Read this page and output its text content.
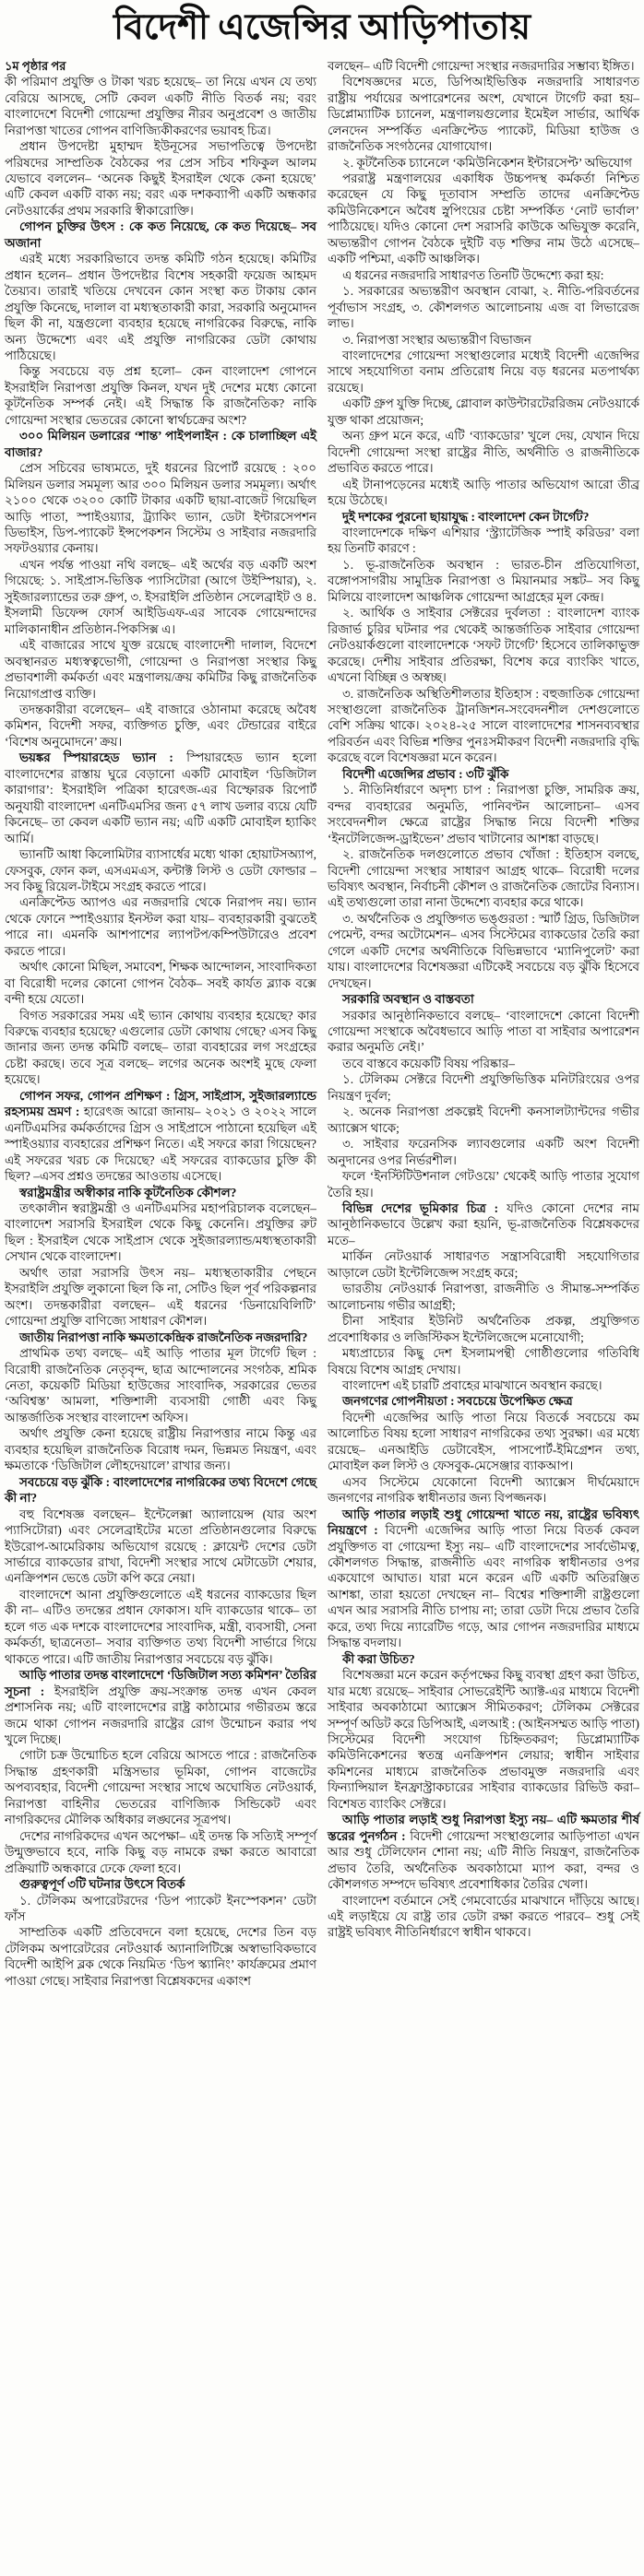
বিদেশী এজেন্সির আড়িপাতায়

১ম পৃষ্ঠার পর

কী পরিমাণ প্রযুক্তি ও টাকা খরচ হয়েছে– তা নিয়ে এখন যে তথ্য বেরিয়ে আসছে, সেটি কেবল একটি নীতি বিতর্ক নয়; বরং বাংলাদেশে বিদেশী গোয়েন্দা প্রযুক্তির নীরব অনুপ্রবেশ ও জাতীয় নিরাপত্তা খাতের গোপন বাণিজ্যিকীকরণের ভয়াবহ চিত্র।

প্রধান উপদেষ্টা মুহাম্মদ ইউনূসের সভাপতিত্বে উপদেষ্টা পরিষদের সাম্প্রতিক বৈঠকের পর প্রেস সচিব শফিকুল আলম যেভাবে বললেন– ‘অনেক কিছুই ইসরাইল থেকে কেনা হয়েছে’ এটি কেবল একটি বাক্য নয়; বরং এক দশকব্যাপী একটি অন্ধকার নেটওয়ার্কের প্রথম সরকারি স্বীকারোক্তি।

গোপন চুক্তির উৎস : কে কত নিয়েছে, কে কত দিয়েছে– সব অজানা

এরই মধ্যে সরকারিভাবে তদন্ত কমিটি গঠন হয়েছে। কমিটির প্রধান হলেন– প্রধান উপদেষ্টার বিশেষ সহকারী ফয়েজ আহমদ তৈয়্যব। তারাই খতিয়ে দেখবেন কোন সংস্থা কত টাকায় কোন প্রযুক্তি কিনেছে, দালাল বা মধ্যস্থতাকারী কারা, সরকারি অনুমোদন ছিল কী না, যন্ত্রগুলো ব্যবহার হয়েছে নাগরিকের বিরুদ্ধে, নাকি অন্য উদ্দেশ্যে এবং এই প্রযুক্তি নাগরিকের ডেটা কোথায় পাঠিয়েছে।

কিন্তু সবচেয়ে বড় প্রশ্ন হলো– কেন বাংলাদেশ গোপনে ইসরাইলি নিরাপত্তা প্রযুক্তি কিনল, যখন দুই দেশের মধ্যে কোনো কূটনৈতিক সম্পর্ক নেই। এই সিদ্ধান্ত কি রাজনৈতিক? নাকি গোয়েন্দা সংস্থার ভেতরের কোনো স্বার্থচক্রের অংশ?

৩০০ মিলিয়ন ডলারের ‘শান্ত’ পাইপলাইন : কে চালাচ্ছিল এই বাজার?

প্রেস সচিবের ভাষ্যমতে, দুই ধরনের রিপোর্ট রয়েছে : ২০০ মিলিয়ন ডলার সমমূল্য আর ৩০০ মিলিয়ন ডলার সমমূল্য। অর্থাৎ ২১০০ থেকে ৩২০০ কোটি টাকার একটি ছায়া-বাজেট গিয়েছিল আড়ি পাতা, স্পাইওয়্যার, ট্র্যাকিং ভ্যান, ডেটা ইন্টারসেপশন ডিভাইস, ডিপ-প্যাকেট ইন্সপেকশন সিস্টেম ও সাইবার নজরদারি সফটওয়্যার কেনায়।

এখন পর্যন্ত পাওয়া নথি বলছে– এই অর্থের বড় একটি অংশ গিয়েছে: ১. সাইপ্রাস-ভিত্তিক প্যাসিটোরা (আগে উইস্পিয়ার), ২. সুইজারল্যান্ডের তরু গ্রুপ, ৩. ইসরাইলি প্রতিষ্ঠান সেলেব্রাইট ও ৪. ইসলামী ডিফেন্স ফোর্স আইডিএফ-এর সাবেক গোয়েন্দাদের মালিকানাধীন প্রতিষ্ঠান-পিকসিক্স এ।

এই বাজারের সাথে যুক্ত রয়েছে বাংলাদেশী দালাল, বিদেশে অবস্থানরত মধ্যস্বত্বভোগী, গোয়েন্দা ও নিরাপত্তা সংস্থার কিছু প্রভাবশালী কর্মকর্তা এবং মন্ত্রণালয়/ক্রয় কমিটির কিছু রাজনৈতিক নিয়োগপ্রাপ্ত ব্যক্তি।

তদন্তকারীরা বলেছেন– এই বাজারে ওঠানামা করেছে অবৈধ কমিশন, বিদেশী সফর, ব্যক্তিগত চুক্তি, এবং টেন্ডারের বাইরে ‘বিশেষ অনুমোদনে’ ক্রয়।

ভয়ঙ্কর স্পিয়ারহেড ভ্যান : স্পিয়ারহেড ভ্যান হলো বাংলাদেশের রাস্তায় ঘুরে বেড়ানো একটি মোবাইল ‘ডিজিটাল কারাগার’: ইসরাইলি পত্রিকা হারেৎজ-এর বিস্ফোরক রিপোর্ট অনুযায়ী বাংলাদেশ এনটিএমসির জন্য ৫৭ লাখ ডলার ব্যয়ে যেটি কিনেছে– তা কেবল একটি ভ্যান নয়; এটি একটি মোবাইল হ্যাকিং আর্মি।

ভ্যানটি আধা কিলোমিটার ব্যাসার্ধের মধ্যে থাকা হোয়াটসঅ্যাপ, ফেসবুক, ফোন কল, এসএমএস, কন্টাক্ট লিস্ট ও ডেটা ফোল্ডার – সব কিছু রিয়েল-টাইমে সংগ্রহ করতে পারে।

এনক্রিপ্টেড অ্যাপও এর নজরদারি থেকে নিরাপদ নয়। ভ্যান থেকে ফোনে স্পাইওয়্যার ইনস্টল করা যায়– ব্যবহারকারী বুঝতেই পারে না। এমনকি আশপাশের ল্যাপটপ/কম্পিউটারেও প্রবেশ করতে পারে।

অর্থাৎ কোনো মিছিল, সমাবেশ, শিক্ষক আন্দোলন, সাংবাদিকতা বা বিরোধী দলের কোনো গোপন বৈঠক– সবই কার্যত ব্ল্যাক বক্সে বন্দী হয়ে যেতো।

বিগত সরকারের সময় এই ভ্যান কোথায় ব্যবহার হয়েছে? কার বিরুদ্ধে ব্যবহার হয়েছে? এগুলোর ডেটা কোথায় গেছে? এসব কিছু জানার জন্য তদন্ত কমিটি বলছে– তারা ব্যবহারের লগ সংগ্রহের চেষ্টা করছে। তবে সূত্র বলছে– লগের অনেক অংশই মুছে ফেলা হয়েছে।

গোপন সফর, গোপন প্রশিক্ষণ : গ্রিস, সাইপ্রাস, সুইজারল্যান্ডে রহস্যময় ভ্রমণ : হারেৎজ আরো জানায়– ২০২১ ও ২০২২ সালে এনটিএমসির কর্মকর্তাদের গ্রিস ও সাইপ্রাসে পাঠানো হয়েছিল এই স্পাইওয়্যার ব্যবহারের প্রশিক্ষণ নিতে। এই সফরে কারা গিয়েছেন? এই সফরের খরচ কে দিয়েছে? এই সফরের ব্যাকডোর চুক্তি কী ছিল? –এসব প্রশ্নও তদন্তের আওতায় এসেছে।

স্বরাষ্ট্রমন্ত্রীর অস্বীকার নাকি কূটনৈতিক কৌশল?

তৎকালীন স্বরাষ্ট্রমন্ত্রী ও এনটিএমসির মহাপরিচালক বলেছেন– বাংলাদেশ সরাসরি ইসরাইল থেকে কিছু কেনেনি। প্রযুক্তির রুট ছিল : ইসরাইল থেকে সাইপ্রাস থেকে সুইজারল্যান্ড/মধ্যস্থতাকারী সেখান থেকে বাংলাদেশ।

অর্থাৎ তারা সরাসরি উৎস নয়– মধ্যস্থতাকারীর পেছনে ইসরাইলি প্রযুক্তি লুকানো ছিল কি না, সেটিও ছিল পূর্ব পরিকল্পনার অংশ। তদন্তকারীরা বলছেন– এই ধরনের ‘ডিনায়েবিলিটি’ গোয়েন্দা প্রযুক্তি বাণিজ্যে সাধারণ কৌশল।

জাতীয় নিরাপত্তা নাকি ক্ষমতাকেন্দ্রিক রাজনৈতিক নজরদারি?

প্রাথমিক তথ্য বলছে– এই আড়ি পাতার মূল টার্গেট ছিল : বিরোধী রাজনৈতিক নেতৃবৃন্দ, ছাত্র আন্দোলনের সংগঠক, শ্রমিক নেতা, কয়েকটি মিডিয়া হাউজের সাংবাদিক, সরকারের ভেতর ‘অবিশ্বস্ত’ আমলা, শক্তিশালী ব্যবসায়ী গোষ্ঠী এবং কিছু আন্তর্জাতিক সংস্থার বাংলাদেশ অফিস।

অর্থাৎ প্রযুক্তি কেনা হয়েছে রাষ্ট্রীয় নিরাপত্তার নামে কিন্তু এর ব্যবহার হয়েছিল রাজনৈতিক বিরোধ দমন, ভিন্নমত নিয়ন্ত্রণ, এবং ক্ষমতাকে ‘ডিজিটাল লৌহদেয়ালে’ রাখার জন্য।

সবচেয়ে বড় ঝুঁকি : বাংলাদেশের নাগরিকের তথ্য বিদেশে গেছে কী না?

বহু বিশেষজ্ঞ বলছেন– ইন্টেলেক্সা অ্যালায়েন্স (যার অংশ প্যাসিটোরা) এবং সেলেব্রাইটের মতো প্রতিষ্ঠানগুলোর বিরুদ্ধে ইউরোপ-আমেরিকায় অভিযোগ রয়েছে : ক্লায়েন্ট দেশের ডেটা সার্ভারে ব্যাকডোর রাখা, বিদেশী সংস্থার সাথে মেটাডেটা শেয়ার, এনক্রিপশন ভেঙে ডেটা কপি করে নেয়া।

বাংলাদেশে আনা প্রযুক্তিগুলোতে এই ধরনের ব্যাকডোর ছিল কী না– এটিও তদন্তের প্রধান ফোকাস। যদি ব্যাকডোর থাকে– তা হলে গত এক দশকে বাংলাদেশের সাংবাদিক, মন্ত্রী, ব্যবসায়ী, সেনা কর্মকর্তা, ছাত্রনেতা– সবার ব্যক্তিগত তথ্য বিদেশী সার্ভারে গিয়ে থাকতে পারে। এটি জাতীয় নিরাপত্তার সবচেয়ে বড় ঝুঁকি।

আড়ি পাতার তদন্ত বাংলাদেশে ‘ডিজিটাল সত্য কমিশন’ তৈরির সূচনা : ইসরাইলি প্রযুক্তি ক্রয়-সংক্রান্ত তদন্ত এখন কেবল প্রশাসনিক নয়; এটি বাংলাদেশের রাষ্ট্র কাঠামোর গভীরতম স্তরে জমে থাকা গোপন নজরদারি রাষ্ট্রের রোগ উন্মোচন করার পথ খুলে দিচ্ছে।

গোটা চক্র উন্মোচিত হলে বেরিয়ে আসতে পারে : রাজনৈতিক সিদ্ধান্ত গ্রহণকারী মন্ত্রিসভার ভূমিকা, গোপন বাজেটের অপব্যবহার, বিদেশী গোয়েন্দা সংস্থার সাথে অঘোষিত নেটওয়ার্ক, নিরাপত্তা বাহিনীর ভেতরের বাণিজ্যিক সিন্ডিকেট এবং নাগরিকদের মৌলিক অধিকার লঙ্ঘনের সূত্রপথ।

দেশের নাগরিকদের এখন অপেক্ষা– এই তদন্ত কি সত্যিই সম্পূর্ণ উন্মুক্তভাবে হবে, নাকি কিছু বড় নামকে রক্ষা করতে আবারো প্রক্রিয়াটি অন্ধকারে ঢেকে ফেলা হবে।

গুরুত্বপূর্ণ ৩টি ঘটনার উৎসে বিতর্ক

১. টেলিকম অপারেটরদের ‘ডিপ প্যাকেট ইনস্পেকশন’ ডেটা ফাঁস

সাম্প্রতিক একটি প্রতিবেদনে বলা হয়েছে, দেশের তিন বড় টেলিকম অপারেটরের নেটওয়ার্ক অ্যানালিটিক্সে অস্বাভাবিকভাবে বিদেশী আইপি ব্লক থেকে নিয়মিত ‘ডিপ স্ক্যানিং’ কার্যক্রমের প্রমাণ পাওয়া গেছে। সাইবার নিরাপত্তা বিশ্লেষকদের একাংশ

বলছেন– এটি বিদেশী গোয়েন্দা সংস্থার নজরদারির সম্ভাব্য ইঙ্গিত।

বিশেষজ্ঞদের মতে, ডিপিআইভিত্তিক নজরদারি সাধারণত রাষ্ট্রীয় পর্যায়ের অপারেশনের অংশ, যেখানে টার্গেট করা হয়– ডিপ্লোম্যাটিক চ্যানেল, মন্ত্রণালয়গুলোর ইমেইল সার্ভার, আর্থিক লেনদেন সম্পর্কিত এনক্রিপ্টেড প্যাকেট, মিডিয়া হাউজ ও রাজনৈতিক সংগঠনের যোগাযোগ।

২. কূটনৈতিক চ্যানেলে ‘কমিউনিকেশন ইন্টারসেপ্ট’ অভিযোগ

পররাষ্ট্র মন্ত্রণালয়ের একাধিক উচ্চপদস্থ কর্মকর্তা নিশ্চিত করেছেন যে কিছু দূতাবাস সম্প্রতি তাদের এনক্রিপ্টেড কমিউনিকেশনে অবৈধ স্নুপিংয়ের চেষ্টা সম্পর্কিত ‘নোট ভার্বাল’ পাঠিয়েছে। যদিও কোনো দেশ সরাসরি কাউকে অভিযুক্ত করেনি, অভ্যন্তরীণ গোপন বৈঠকে দুইটি বড় শক্তির নাম উঠে এসেছে– একটি পশ্চিমা, একটি আঞ্চলিক।

এ ধরনের নজরদারি সাধারণত তিনটি উদ্দেশ্যে করা হয়:

১. সরকারের অভ্যন্তরীণ অবস্থান বোঝা, ২. নীতি-পরিবর্তনের পূর্বাভাস সংগ্রহ, ৩. কৌশলগত আলোচনায় এজ বা লিভারেজ লাভ।

৩. নিরাপত্তা সংস্থার অভ্যন্তরীণ বিভাজন

বাংলাদেশের গোয়েন্দা সংস্থাগুলোর মধ্যেই বিদেশী এজেন্সির সাথে সহযোগিতা বনাম প্রতিরোধ নিয়ে বড় ধরনের মতপার্থক্য রয়েছে।

একটি গ্রুপ যুক্তি দিচ্ছে, গ্লোবাল কাউন্টারটেররিজম নেটওয়ার্কে যুক্ত থাকা প্রয়োজন;

অন্য গ্রুপ মনে করে, এটি ‘ব্যাকডোর’ খুলে দেয়, যেখান দিয়ে বিদেশী গোয়েন্দা সংস্থা রাষ্ট্রের নীতি, অর্থনীতি ও রাজনীতিকে প্রভাবিত করতে পারে।

এই টানাপড়েনের মধ্যেই আড়ি পাতার অভিযোগ আরো তীব্র হয়ে উঠেছে।

দুই দশকের পুরনো ছায়াযুদ্ধ : বাংলাদেশ কেন টার্গেট?

বাংলাদেশকে দক্ষিণ এশিয়ার ‘স্ট্র্যাটেজিক স্পাই করিডর’ বলা হয় তিনটি কারণে :

১. ভূ-রাজনৈতিক অবস্থান : ভারত-চীন প্রতিযোগিতা, বঙ্গোপসাগরীয় সামুদ্রিক নিরাপত্তা ও মিয়ানমার সঙ্কট– সব কিছু মিলিয়ে বাংলাদেশ আঞ্চলিক গোয়েন্দা আগ্রহের মূল কেন্দ্র।

২. আর্থিক ও সাইবার সেক্টরের দুর্বলতা : বাংলাদেশ ব্যাংক রিজার্ভ চুরির ঘটনার পর থেকেই আন্তর্জাতিক সাইবার গোয়েন্দা নেটওয়ার্কগুলো বাংলাদেশকে ‘সফট টার্গেট’ হিসেবে তালিকাভুক্ত করেছে। দেশীয় সাইবার প্রতিরক্ষা, বিশেষ করে ব্যাংকিং খাতে, এখনো বিচ্ছিন্ন ও অস্বচ্ছ।

৩. রাজনৈতিক অস্থিতিশীলতার ইতিহাস : বহুজাতিক গোয়েন্দা সংস্থাগুলো রাজনৈতিক ট্রানজিশন-সংবেদনশীল দেশগুলোতে বেশি সক্রিয় থাকে। ২০২৪-২৫ সালে বাংলাদেশের শাসনব্যবস্থার পরিবর্তন এবং বিভিন্ন শক্তির পুনঃসমীকরণ বিদেশী নজরদারি বৃদ্ধি করেছে বলে বিশেষজ্ঞরা মনে করেন।

বিদেশী এজেন্সির প্রভাব : ৩টি ঝুঁকি

১. নীতিনির্ধারণে অদৃশ্য চাপ : নিরাপত্তা চুক্তি, সামরিক ক্রয়, বন্দর ব্যবহারের অনুমতি, পানিবণ্টন আলোচনা– এসব সংবেদনশীল ক্ষেত্রে রাষ্ট্রের সিদ্ধান্ত নিয়ে বিদেশী শক্তির ‘ইনটেলিজেন্স-ড্রাইভেন’ প্রভাব খাটানোর আশঙ্কা বাড়ছে।

২. রাজনৈতিক দলগুলোতে প্রভাব খোঁজা : ইতিহাস বলছে, বিদেশী গোয়েন্দা সংস্থার সাধারণ আগ্রহ থাকে– বিরোধী দলের ভবিষ্যৎ অবস্থান, নির্বাচনী কৌশল ও রাজনৈতিক জোটের বিন্যাস। এই তথ্যগুলো তারা নানা উদ্দেশ্যে ব্যবহার করে থাকে।

৩. অর্থনৈতিক ও প্রযুক্তিগত ভঙ্গুরতা : স্মার্ট গ্রিড, ডিজিটাল পেমেন্ট, বন্দর অটোমেশন– এসব সিস্টেমের ব্যাকডোর তৈরি করা গেলে একটি দেশের অর্থনীতিকে বিভিন্নভাবে ‘ম্যানিপুলেট’ করা যায়। বাংলাদেশের বিশেষজ্ঞরা এটিকেই সবচেয়ে বড় ঝুঁকি হিসেবে দেখছেন।

সরকারি অবস্থান ও বাস্তবতা

সরকার আনুষ্ঠানিকভাবে বলছে– ‘বাংলাদেশে কোনো বিদেশী গোয়েন্দা সংস্থাকে অবৈধভাবে আড়ি পাতা বা সাইবার অপারেশন করার অনুমতি নেই।’

তবে বাস্তবে কয়েকটি বিষয় পরিষ্কার–

১. টেলিকম সেক্টরে বিদেশী প্রযুক্তিভিত্তিক মনিটরিংয়ের ওপর নিয়ন্ত্রণ দুর্বল;

২. অনেক নিরাপত্তা প্রকল্পেই বিদেশী কনসালট্যান্টদের গভীর অ্যাক্সেস থাকে;

৩. সাইবার ফরেনসিক ল্যাবগুলোর একটি অংশ বিদেশী অনুদানের ওপর নির্ভরশীল।

ফলে ‘ইনস্টিটিউশনাল গেটওয়ে’ থেকেই আড়ি পাতার সুযোগ তৈরি হয়।

বিভিন্ন দেশের ভূমিকার চিত্র : যদিও কোনো দেশের নাম আনুষ্ঠানিকভাবে উল্লেখ করা হয়নি, ভূ-রাজনৈতিক বিশ্লেষকদের মতে–

মার্কিন নেটওয়ার্ক সাধারণত সন্ত্রাসবিরোধী সহযোগিতার আড়ালে ডেটা ইন্টেলিজেন্স সংগ্রহ করে;

ভারতীয় নেটওয়ার্ক নিরাপত্তা, রাজনীতি ও সীমান্ত-সম্পর্কিত আলোচনায় গভীর আগ্রহী;

চীনা সাইবার ইউনিট অর্থনৈতিক প্রকল্প, প্রযুক্তিগত প্রবেশাধিকার ও লজিস্টিকস ইন্টেলিজেন্সে মনোযোগী;

মধ্যপ্রাচ্যের কিছু দেশ ইসলামপন্থী গোষ্ঠীগুলোর গতিবিধি বিষয়ে বিশেষ আগ্রহ দেখায়।

বাংলাদেশ এই চারটি প্রবাহের মাঝখানে অবস্থান করছে।

জনগণের গোপনীয়তা : সবচেয়ে উপেক্ষিত ক্ষেত্র

বিদেশী এজেন্সির আড়ি পাতা নিয়ে বিতর্কে সবচেয়ে কম আলোচিত বিষয় হলো সাধারণ নাগরিকের তথ্য সুরক্ষা। এর মধ্যে রয়েছে– এনআইডি ডেটাবেইস, পাসপোর্ট-ইমিগ্রেশন তথ্য, মোবাইল কল লিস্ট ও ফেসবুক-মেসেঞ্জার ব্যাকআপ।

এসব সিস্টেমে যেকোনো বিদেশী অ্যাক্সেস দীর্ঘমেয়াদে জনগণের নাগরিক স্বাধীনতার জন্য বিপজ্জনক।

আড়ি পাতার লড়াই শুধু গোয়েন্দা খাতে নয়, রাষ্ট্রের ভবিষ্যৎ নিয়ন্ত্রণে : বিদেশী এজেন্সির আড়ি পাতা নিয়ে বিতর্ক কেবল প্রযুক্তিগত বা গোয়েন্দা ইস্যু নয়– এটি বাংলাদেশের সার্বভৌমত্ব, কৌশলগত সিদ্ধান্ত, রাজনীতি এবং নাগরিক স্বাধীনতার ওপর একযোগে আঘাত। যারা মনে করেন এটি একটি অতিরঞ্জিত আশঙ্কা, তারা হয়তো দেখছেন না– বিশ্বের শক্তিশালী রাষ্ট্রগুলো এখন আর সরাসরি নীতি চাপায় না; তারা ডেটা দিয়ে প্রভাব তৈরি করে, তথ্য দিয়ে ন্যারেটিভ গড়ে, আর গোপন নজরদারির মাধ্যমে সিদ্ধান্ত বদলায়।

কী করা উচিত?

বিশেষজ্ঞরা মনে করেন কর্তৃপক্ষের কিছু ব্যবস্থা গ্রহণ করা উচিত, যার মধ্যে রয়েছে– সাইবার সোভরেইন্টি অ্যাক্ট-এর মাধ্যমে বিদেশী সাইবার অবকাঠামো অ্যাক্সেস সীমিতকরণ; টেলিকম সেক্টরের সম্পূর্ণ অডিট করে ডিপিআই, এলআই : (আইনসম্মত আড়ি পাতা) সিস্টেমের বিদেশী সংযোগ চিহ্নিতকরণ; ডিপ্লোম্যাটিক কমিউনিকেশনের স্বতন্ত্র এনক্রিপশন লেয়ার; স্বাধীন সাইবার কমিশনের মাধ্যমে রাজনৈতিক প্রভাবমুক্ত নজরদারি এবং ফিন্যান্সিয়াল ইনফ্রাস্ট্রাকচারের সাইবার ব্যাকডোর রিভিউ করা– বিশেষত ব্যাংকিং সেক্টরে।

আড়ি পাতার লড়াই শুধু নিরাপত্তা ইস্যু নয়– এটি ক্ষমতার শীর্ষ স্তরের পুনর্গঠন : বিদেশী গোয়েন্দা সংস্থাগুলোর আড়িপাতা এখন আর শুধু টেলিফোন শোনা নয়; এটি নীতি নিয়ন্ত্রণ, রাজনৈতিক প্রভাব তৈরি, অর্থনৈতিক অবকাঠামো ম্যাপ করা, বন্দর ও কৌশলগত সম্পদে ভবিষ্যৎ প্রবেশাধিকার তৈরির খেলা।

বাংলাদেশ বর্তমানে সেই গেমবোর্ডের মাঝখানে দাঁড়িয়ে আছে। এই লড়াইয়ে যে রাষ্ট্র তার ডেটা রক্ষা করতে পারবে– শুধু সেই রাষ্ট্রই ভবিষ্যৎ নীতিনির্ধারণে স্বাধীন থাকবে।
